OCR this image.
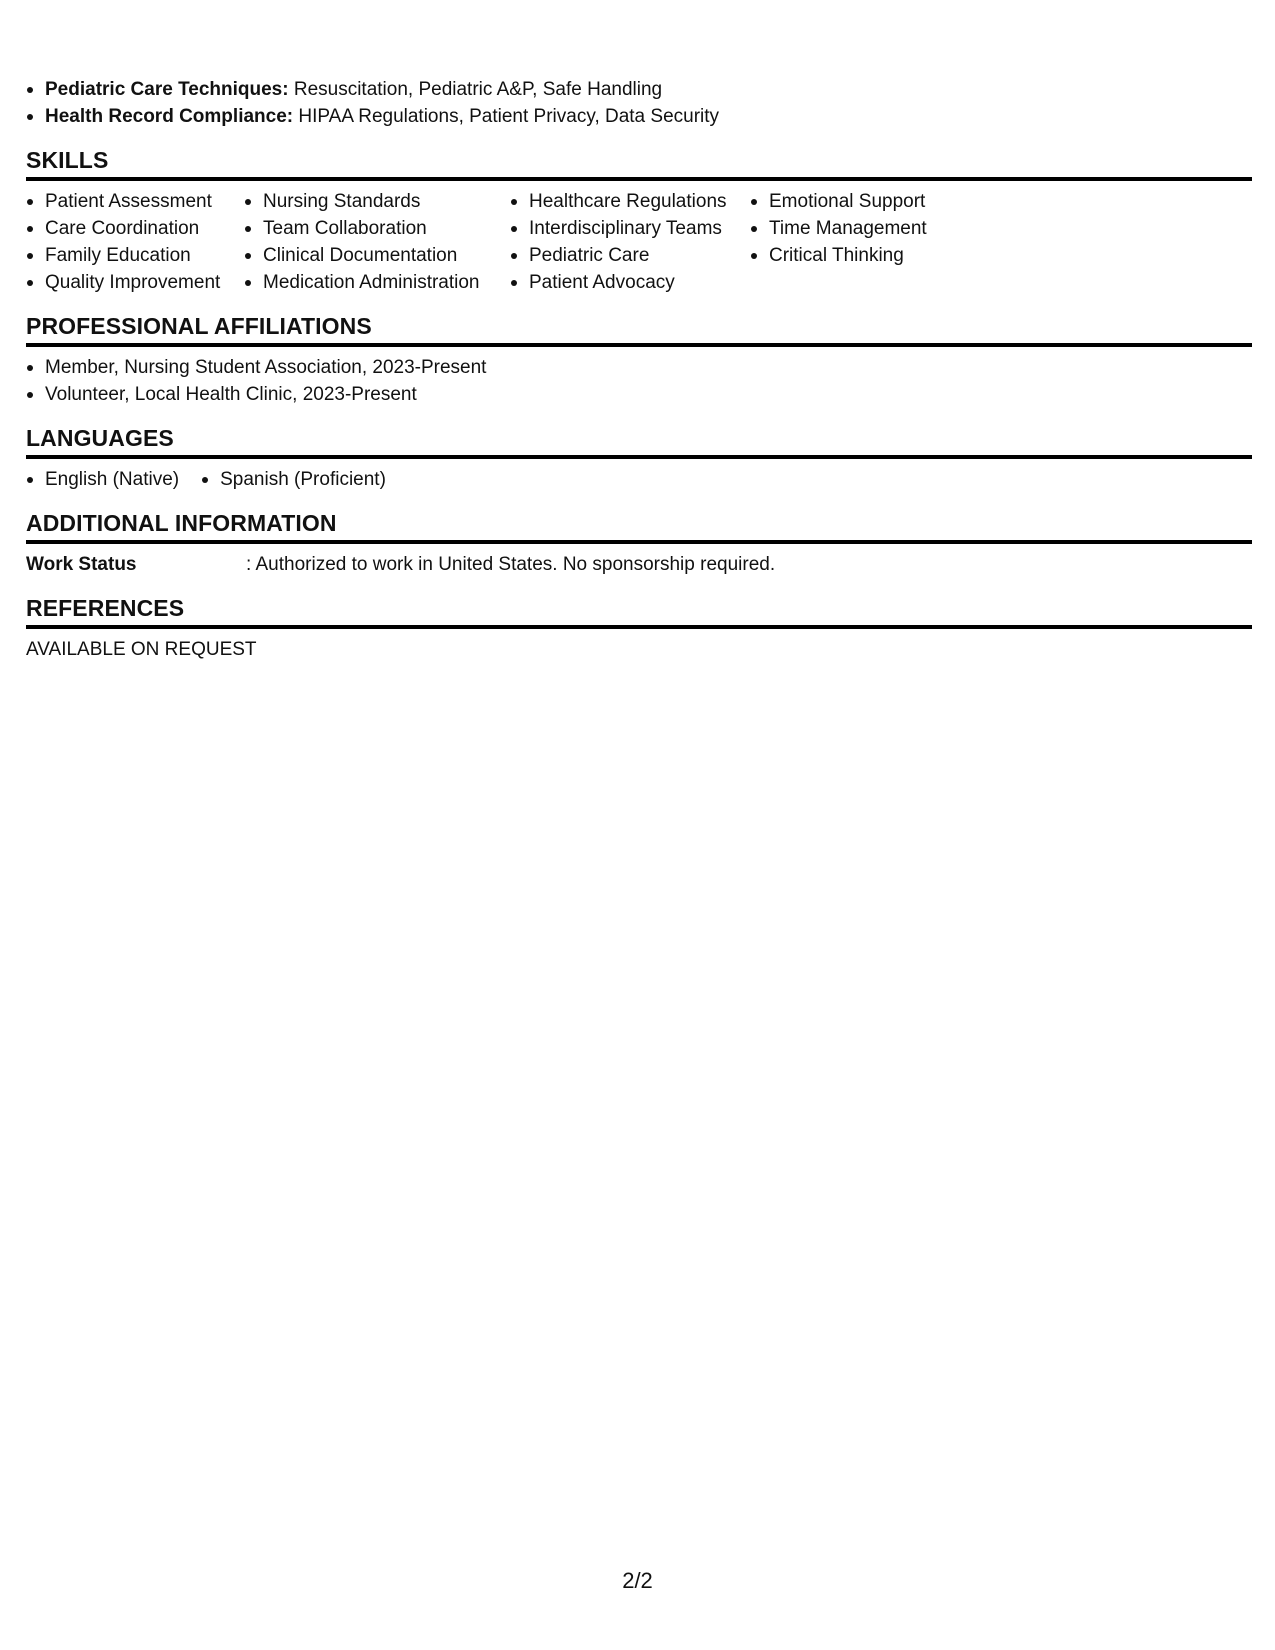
Pediatric Care Techniques: Resuscitation, Pediatric A&P, Safe Handling
Health Record Compliance: HIPAA Regulations, Patient Privacy, Data Security
SKILLS
Patient Assessment
Care Coordination
Family Education
Quality Improvement
Nursing Standards
Team Collaboration
Clinical Documentation
Medication Administration
Healthcare Regulations
Interdisciplinary Teams
Pediatric Care
Patient Advocacy
Emotional Support
Time Management
Critical Thinking
PROFESSIONAL AFFILIATIONS
Member, Nursing Student Association, 2023-Present
Volunteer, Local Health Clinic, 2023-Present
LANGUAGES
English (Native)	Spanish (Proficient)
ADDITIONAL INFORMATION
Work Status	: Authorized to work in United States. No sponsorship required.
REFERENCES
AVAILABLE ON REQUEST
2/2
